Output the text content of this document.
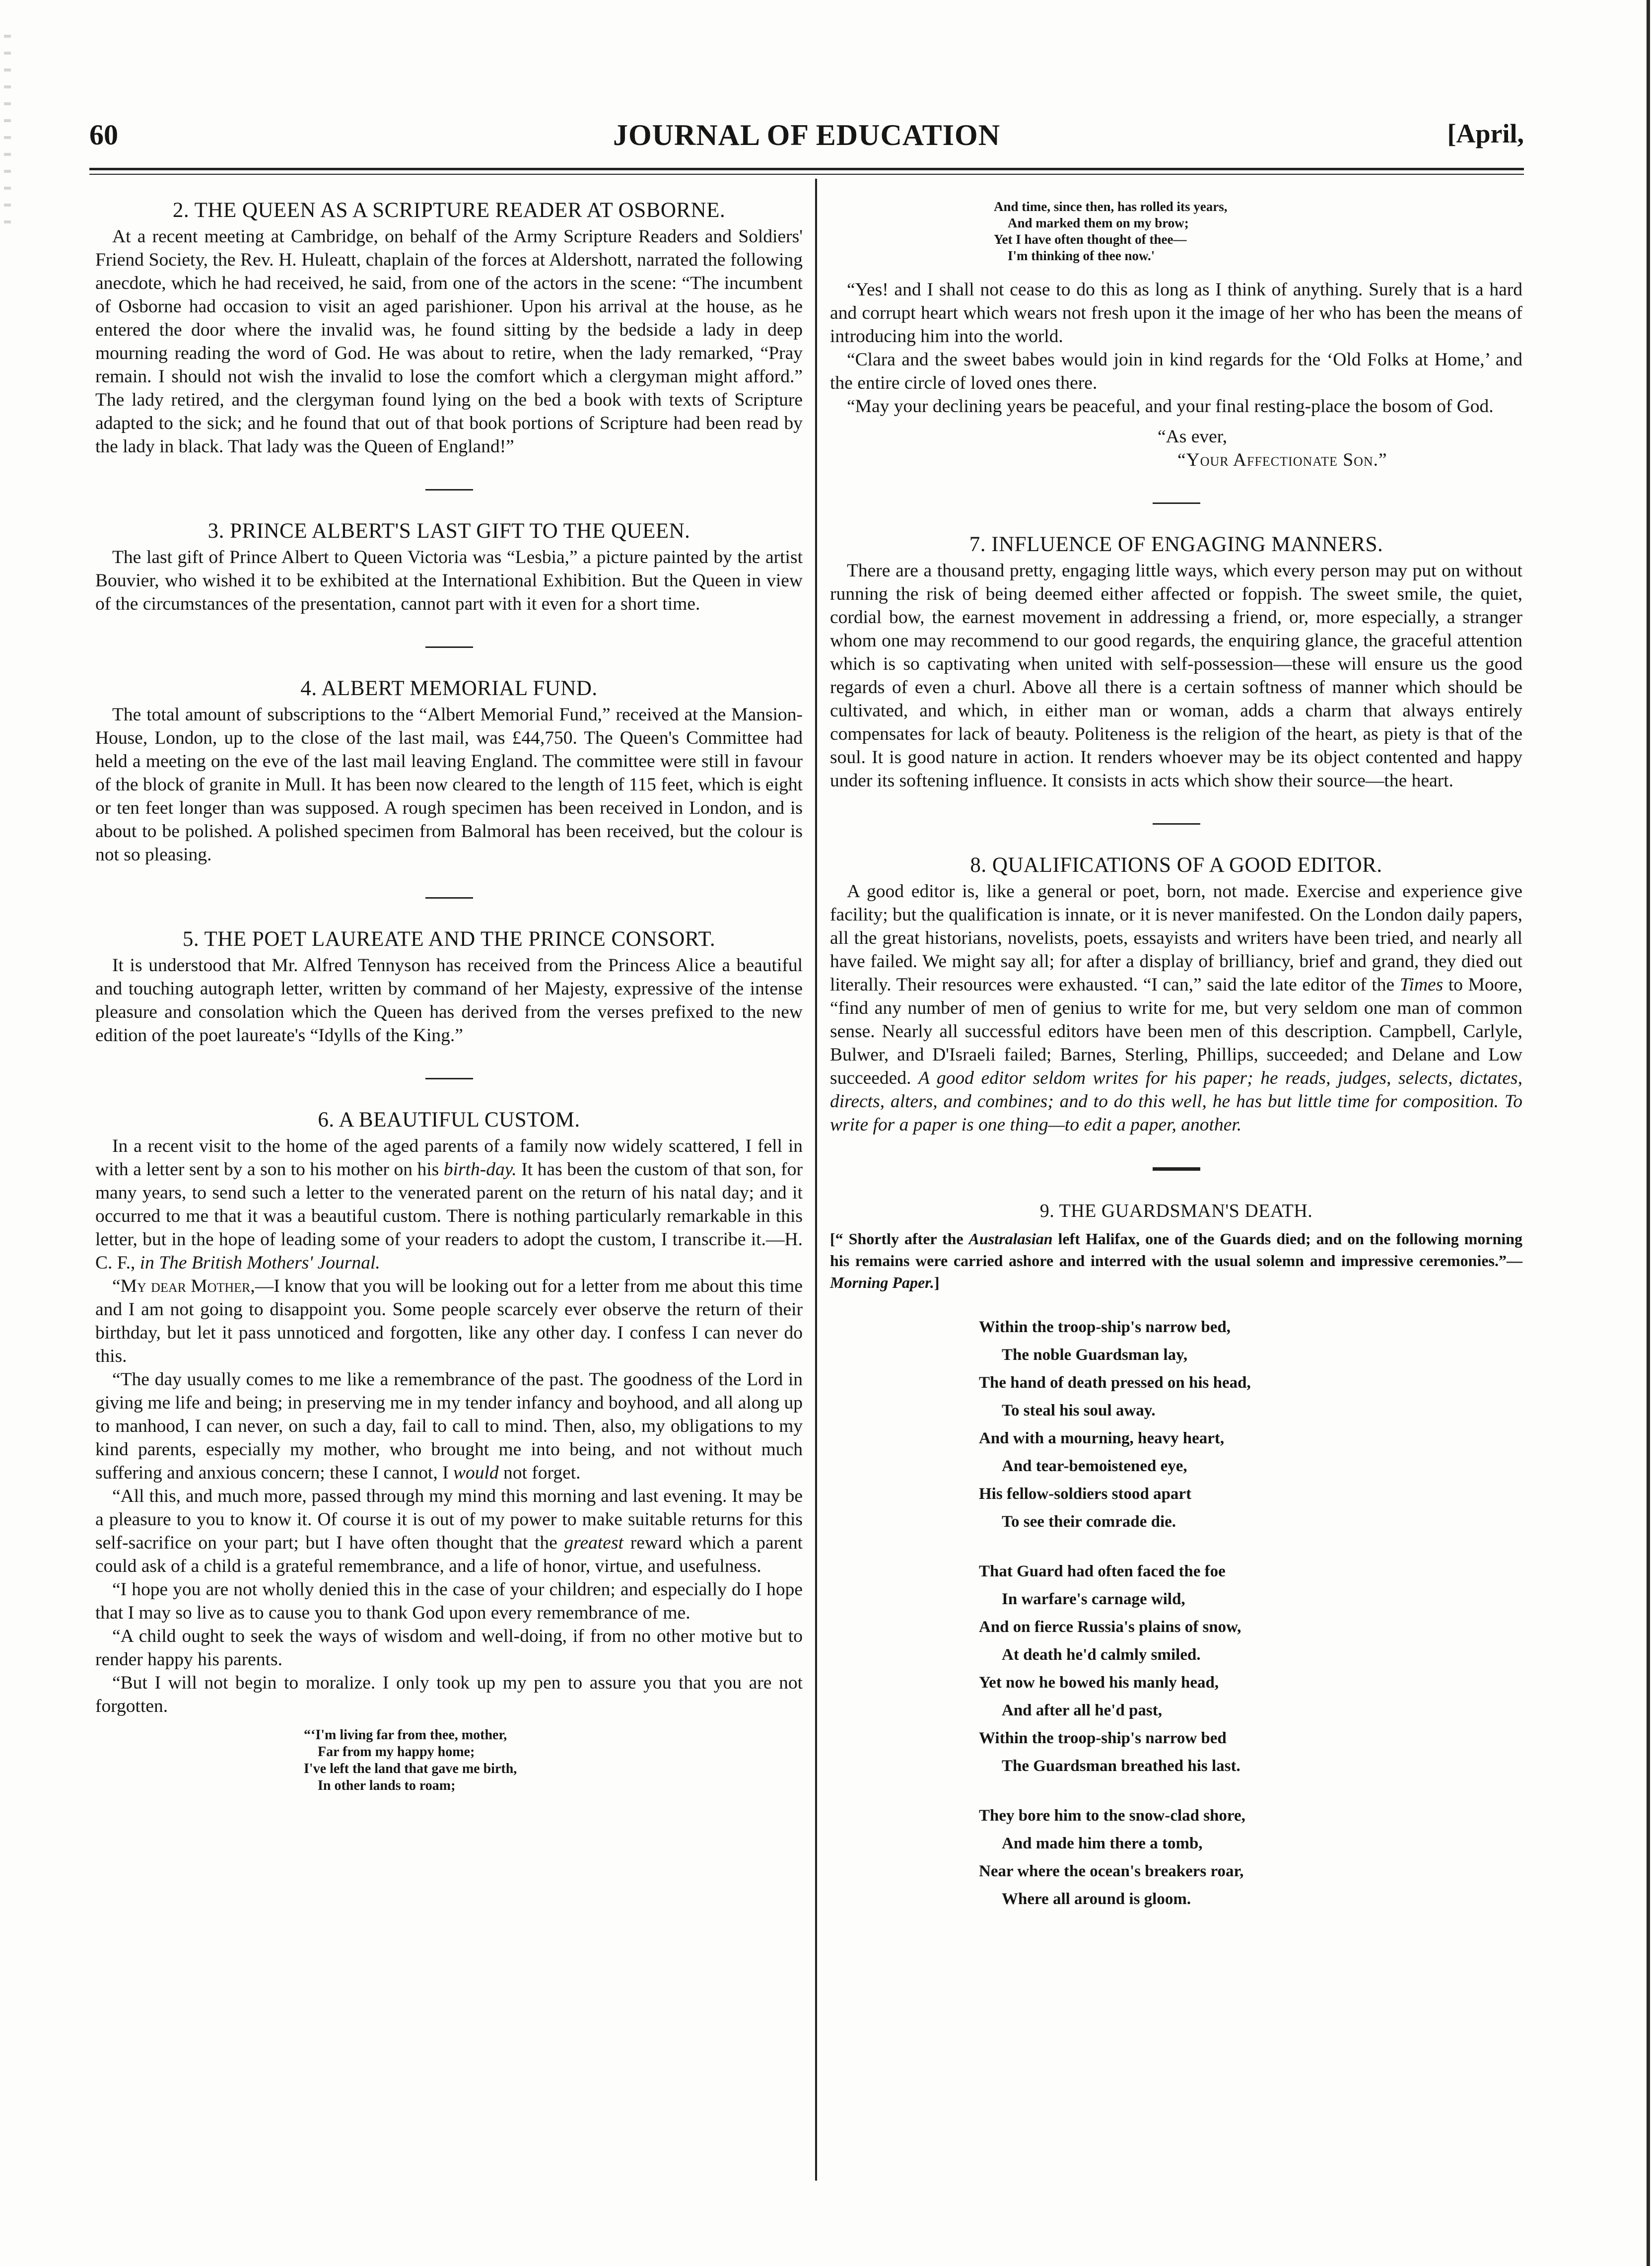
60	JOURNAL OF EDUCATION	[April,
2. THE QUEEN AS A SCRIPTURE READER AT OSBORNE.

At a recent meeting at Cambridge, on behalf of the Army Scripture Readers and Soldiers' Friend Society, the Rev. H. Huleatt, chaplain of the forces at Aldershott, narrated the following anecdote, which he had received, he said, from one of the actors in the scene: “The incumbent of Osborne had occasion to visit an aged parishioner. Upon his arrival at the house, as he entered the door where the invalid was, he found sitting by the bedside a lady in deep mourning reading the word of God. He was about to retire, when the lady remarked, “Pray remain. I should not wish the invalid to lose the comfort which a clergyman might afford.” The lady retired, and the clergyman found lying on the bed a book with texts of Scripture adapted to the sick; and he found that out of that book portions of Scripture had been read by the lady in black. That lady was the Queen of England!”

3. PRINCE ALBERT'S LAST GIFT TO THE QUEEN.

The last gift of Prince Albert to Queen Victoria was “Lesbia,” a picture painted by the artist Bouvier, who wished it to be exhibited at the International Exhibition. But the Queen in view of the circumstances of the presentation, cannot part with it even for a short time.

4. ALBERT MEMORIAL FUND.

The total amount of subscriptions to the “Albert Memorial Fund,” received at the Mansion-House, London, up to the close of the last mail, was £44,750. The Queen's Committee had held a meeting on the eve of the last mail leaving England. The committee were still in favour of the block of granite in Mull. It has been now cleared to the length of 115 feet, which is eight or ten feet longer than was supposed. A rough specimen has been received in London, and is about to be polished. A polished specimen from Balmoral has been received, but the colour is not so pleasing.

5. THE POET LAUREATE AND THE PRINCE CONSORT.

It is understood that Mr. Alfred Tennyson has received from the Princess Alice a beautiful and touching autograph letter, written by command of her Majesty, expressive of the intense pleasure and consolation which the Queen has derived from the verses prefixed to the new edition of the poet laureate's “Idylls of the King.”

6. A BEAUTIFUL CUSTOM.

In a recent visit to the home of the aged parents of a family now widely scattered, I fell in with a letter sent by a son to his mother on his birth-day. It has been the custom of that son, for many years, to send such a letter to the venerated parent on the return of his natal day; and it occurred to me that it was a beautiful custom. There is nothing particularly remarkable in this letter, but in the hope of leading some of your readers to adopt the custom, I transcribe it.—H. C. F., in The British Mothers' Journal.

“My dear Mother,—I know that you will be looking out for a letter from me about this time and I am not going to disappoint you. Some people scarcely ever observe the return of their birthday, but let it pass unnoticed and forgotten, like any other day. I confess I can never do this.

“The day usually comes to me like a remembrance of the past. The goodness of the Lord in giving me life and being; in preserving me in my tender infancy and boyhood, and all along up to manhood, I can never, on such a day, fail to call to mind. Then, also, my obligations to my kind parents, especially my mother, who brought me into being, and not without much suffering and anxious concern; these I cannot, I would not forget.

“All this, and much more, passed through my mind this morning and last evening. It may be a pleasure to you to know it. Of course it is out of my power to make suitable returns for this self-sacrifice on your part; but I have often thought that the greatest reward which a parent could ask of a child is a grateful remembrance, and a life of honor, virtue, and usefulness.

“I hope you are not wholly denied this in the case of your children; and especially do I hope that I may so live as to cause you to thank God upon every remembrance of me.

“A child ought to seek the ways of wisdom and well-doing, if from no other motive but to render happy his parents.

“But I will not begin to moralize. I only took up my pen to assure you that you are not forgotten.

“‘I'm living far from thee, mother,
Far from my happy home;
I've left the land that gave me birth,
In other lands to roam;
And time, since then, has rolled its years,
And marked them on my brow;
Yet I have often thought of thee—
I'm thinking of thee now.'

“Yes! and I shall not cease to do this as long as I think of anything. Surely that is a hard and corrupt heart which wears not fresh upon it the image of her who has been the means of introducing him into the world.

“Clara and the sweet babes would join in kind regards for the ‘Old Folks at Home,’ and the entire circle of loved ones there.

“May your declining years be peaceful, and your final resting-place the bosom of God.

“As ever,
“Your Affectionate Son.”
7. INFLUENCE OF ENGAGING MANNERS.

There are a thousand pretty, engaging little ways, which every person may put on without running the risk of being deemed either affected or foppish. The sweet smile, the quiet, cordial bow, the earnest movement in addressing a friend, or, more especially, a stranger whom one may recommend to our good regards, the enquiring glance, the graceful attention which is so captivating when united with self-possession—these will ensure us the good regards of even a churl. Above all there is a certain softness of manner which should be cultivated, and which, in either man or woman, adds a charm that always entirely compensates for lack of beauty. Politeness is the religion of the heart, as piety is that of the soul. It is good nature in action. It renders whoever may be its object contented and happy under its softening influence. It consists in acts which show their source—the heart.

8. QUALIFICATIONS OF A GOOD EDITOR.

A good editor is, like a general or poet, born, not made. Exercise and experience give facility; but the qualification is innate, or it is never manifested. On the London daily papers, all the great historians, novelists, poets, essayists and writers have been tried, and nearly all have failed. We might say all; for after a display of brilliancy, brief and grand, they died out literally. Their resources were exhausted. “I can,” said the late editor of the Times to Moore, “find any number of men of genius to write for me, but very seldom one man of common sense. Nearly all successful editors have been men of this description. Campbell, Carlyle, Bulwer, and D'Israeli failed; Barnes, Sterling, Phillips, succeeded; and Delane and Low succeeded. A good editor seldom writes for his paper; he reads, judges, selects, dictates, directs, alters, and combines; and to do this well, he has but little time for composition. To write for a paper is one thing—to edit a paper, another.

9. THE GUARDSMAN'S DEATH.

[“ Shortly after the Australasian left Halifax, one of the Guards died; and on the following morning his remains were carried ashore and interred with the usual solemn and impressive ceremonies.”—Morning Paper.]

Within the troop-ship's narrow bed,
The noble Guardsman lay,
The hand of death pressed on his head,
To steal his soul away.
And with a mourning, heavy heart,
And tear-bemoistened eye,
His fellow-soldiers stood apart
To see their comrade die.
That Guard had often faced the foe
In warfare's carnage wild,
And on fierce Russia's plains of snow,
At death he'd calmly smiled.
Yet now he bowed his manly head,
And after all he'd past,
Within the troop-ship's narrow bed
The Guardsman breathed his last.
They bore him to the snow-clad shore,
And made him there a tomb,
Near where the ocean's breakers roar,
Where all around is gloom.
